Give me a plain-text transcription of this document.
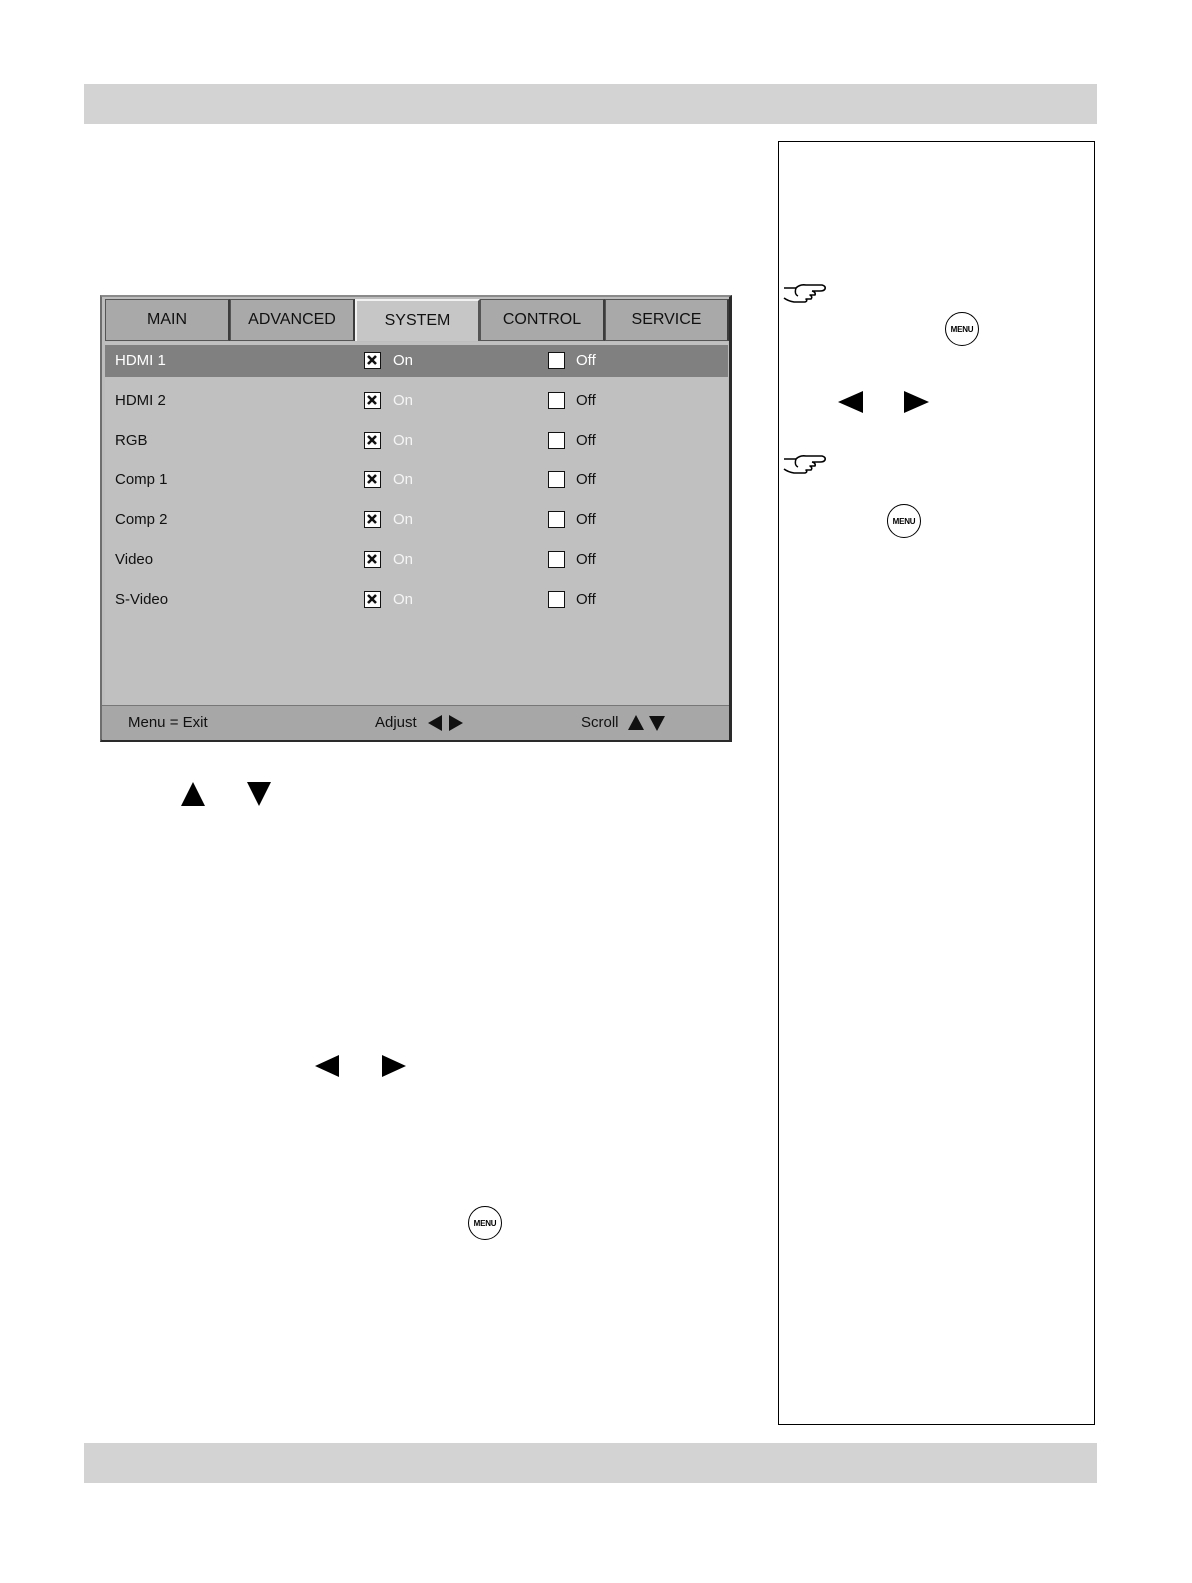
MAIN	ADVANCED	SYSTEM	CONTROL	SERVICE
HDMI 1	On	Off
HDMI 2	On	Off
RGB	On	Off
Comp 1	On	Off
Comp 2	On	Off
Video	On	Off
S-Video	On	Off
Menu = Exit	Adjust	Scroll
MENU
MENU
MENU
